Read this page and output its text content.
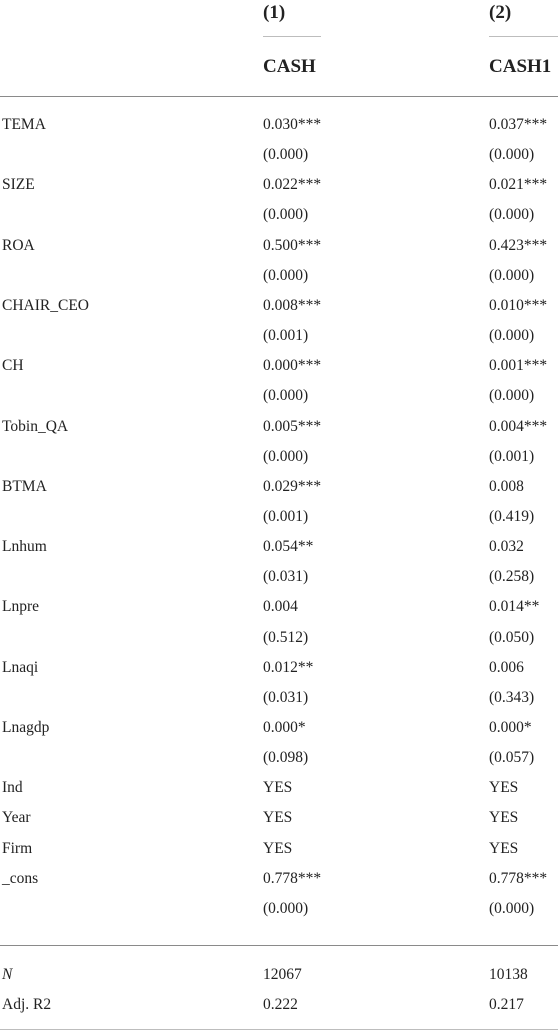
(1)	(2)
CASH	CASH1
TEMA	0.030***	0.037***
(0.000)	(0.000)
SIZE	0.022***	0.021***
(0.000)	(0.000)
ROA	0.500***	0.423***
(0.000)	(0.000)
CHAIR_CEO	0.008***	0.010***
(0.001)	(0.000)
CH	0.000***	0.001***
(0.000)	(0.000)
Tobin_QA	0.005***	0.004***
(0.000)	(0.001)
BTMA	0.029***	0.008
(0.001)	(0.419)
Lnhum	0.054**	0.032
(0.031)	(0.258)
Lnpre	0.004	0.014**
(0.512)	(0.050)
Lnaqi	0.012**	0.006
(0.031)	(0.343)
Lnagdp	0.000*	0.000*
(0.098)	(0.057)
Ind	YES	YES
Year	YES	YES
Firm	YES	YES
_cons	0.778***	0.778***
(0.000)	(0.000)
N	12067	10138
Adj. R2	0.222	0.217
